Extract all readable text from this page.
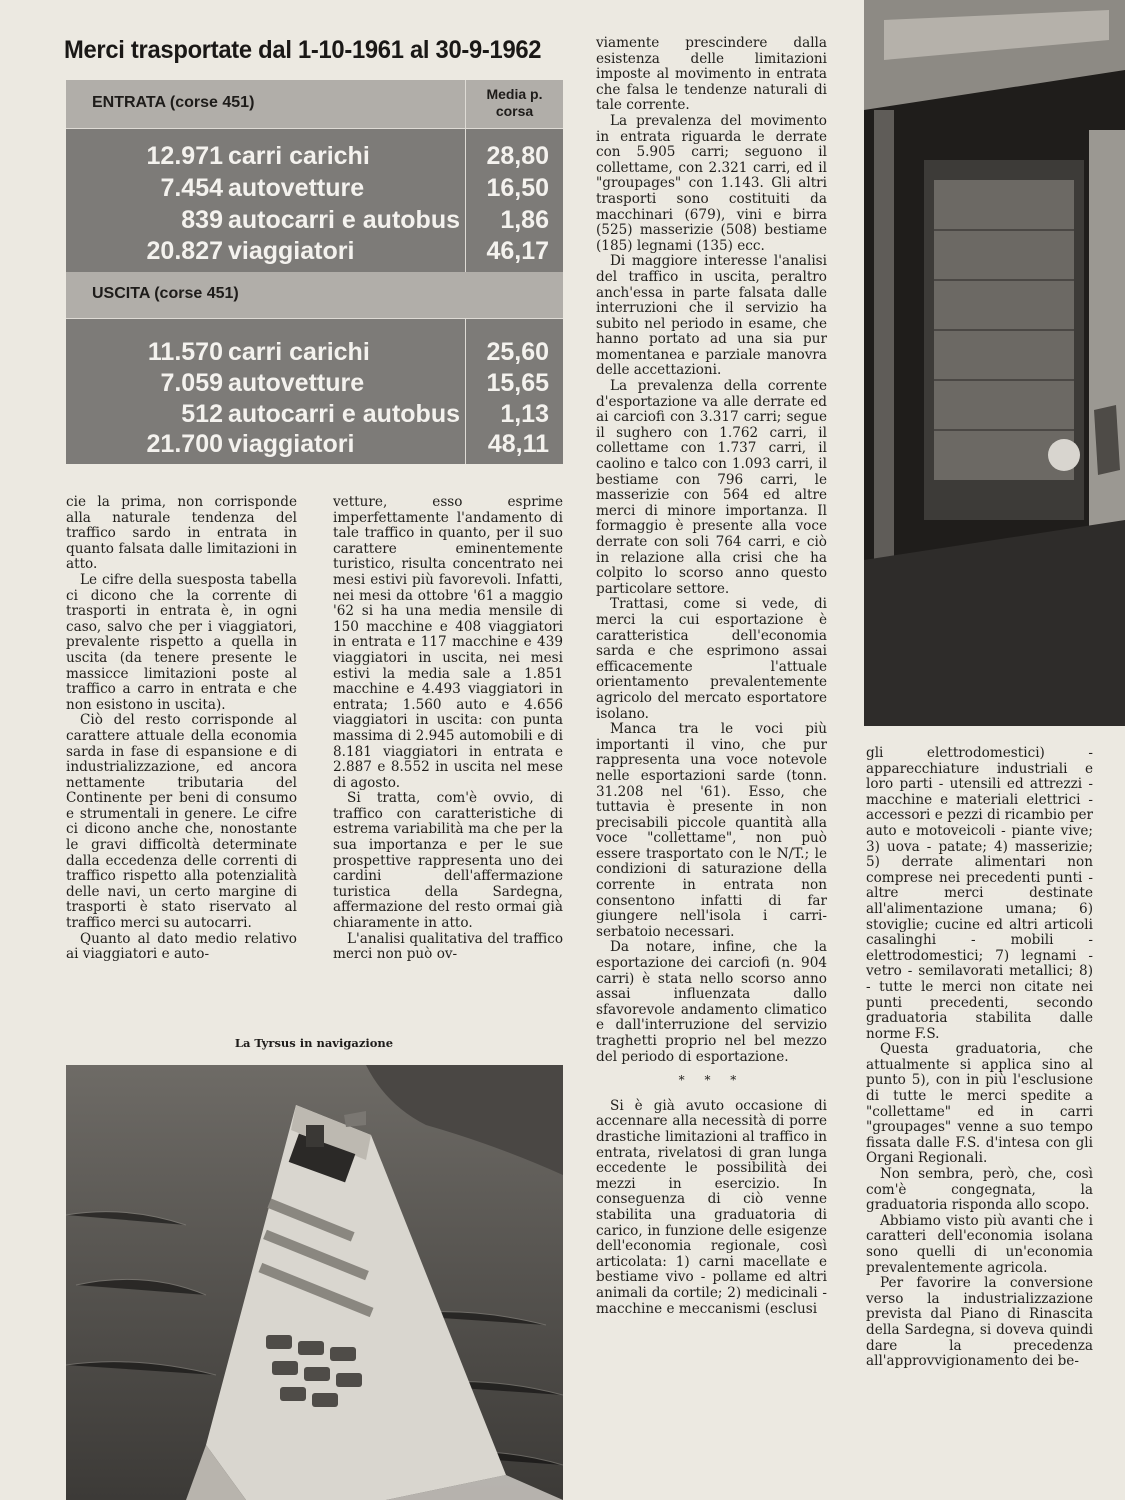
Merci trasportate dal 1-10-1961 al 30-9-1962
ENTRATA (corse 451)	Media p.
corsa
12.971 carri carichi	28,80
7.454 autovetture	16,50
839 autocarri e autobus 1,86
20.827 viaggiatori	46,17
USCITA (corse 451)
11.570 carri carichi	25,60
7.059 autovetture	15,65
512 autocarri e autobus 1,13
21.700 viaggiatori	48,11

cie la prima, non corrisponde alla naturale tendenza del traffico sardo in entrata in quanto falsata dalle limitazioni in atto.

Le cifre della suesposta tabella ci dicono che la corrente di trasporti in entrata è, in ogni caso, salvo che per i viaggiatori, prevalente rispetto a quella in uscita (da tenere presente le massicce limitazioni poste al traffico a carro in entrata e che non esistono in uscita).

Ciò del resto corrisponde al carattere attuale della economia sarda in fase di espansione e di industrializzazione, ed ancora nettamente tributaria del Continente per beni di consumo e strumentali in genere. Le cifre ci dicono anche che, nonostante le gravi difficoltà determinate dalla eccedenza delle correnti di traffico rispetto alla potenzialità delle navi, un certo margine di trasporti è stato riservato al traffico merci su autocarri.

Quanto al dato medio relativo ai viaggiatori e auto-

vetture, esso esprime imperfettamente l'andamento di tale traffico in quanto, per il suo carattere eminentemente turistico, risulta concentrato nei mesi estivi più favorevoli. Infatti, nei mesi da ottobre '61 a maggio '62 si ha una media mensile di 150 macchine e 408 viaggiatori in entrata e 117 macchine e 439 viaggiatori in uscita, nei mesi estivi la media sale a 1.851 macchine e 4.493 viaggiatori in entrata; 1.560 auto e 4.656 viaggiatori in uscita: con punta massima di 2.945 automobili e di 8.181 viaggiatori in entrata e 2.887 e 8.552 in uscita nel mese di agosto.

Si tratta, com'è ovvio, di traffico con caratteristiche di estrema variabilità ma che per la sua importanza e per le sue prospettive rappresenta uno dei cardini dell'affermazione turistica della Sardegna, affermazione del resto ormai già chiaramente in atto.

L'analisi qualitativa del traffico merci non può ov-

La Tyrsus in navigazione

viamente prescindere dalla esistenza delle limitazioni imposte al movimento in entrata che falsa le tendenze naturali di tale corrente.

La prevalenza del movimento in entrata riguarda le derrate con 5.905 carri; seguono il collettame, con 2.321 carri, ed il "groupages" con 1.143. Gli altri trasporti sono costituiti da macchinari (679), vini e birra (525) masserizie (508) bestiame (185) legnami (135) ecc.

Di maggiore interesse l'analisi del traffico in uscita, peraltro anch'essa in parte falsata dalle interruzioni che il servizio ha subito nel periodo in esame, che hanno portato ad una sia pur momentanea e parziale manovra delle accettazioni.

La prevalenza della corrente d'esportazione va alle derrate ed ai carciofi con 3.317 carri; segue il sughero con 1.762 carri, il collettame con 1.737 carri, il caolino e talco con 1.093 carri, il bestiame con 796 carri, le masserizie con 564 ed altre merci di minore importanza. Il formaggio è presente alla voce derrate con soli 764 carri, e ciò in relazione alla crisi che ha colpito lo scorso anno questo particolare settore.

Trattasi, come si vede, di merci la cui esportazione è caratteristica dell'economia sarda e che esprimono assai efficacemente l'attuale orientamento prevalentemente agricolo del mercato esportatore isolano.

Manca tra le voci più importanti il vino, che pur rappresenta una voce notevole nelle esportazioni sarde (tonn. 31.208 nel '61). Esso, che tuttavia è presente in non precisabili piccole quantità alla voce "collettame", non può essere trasportato con le N/T.; le condizioni di saturazione della corrente in entrata non consentono infatti di far giungere nell'isola i carri-serbatoio necessari.

Da notare, infine, che la esportazione dei carciofi (n. 904 carri) è stata nello scorso anno assai influenzata dallo sfavorevole andamento climatico e dall'interruzione del servizio traghetti proprio nel bel mezzo del periodo di esportazione.

* * *

Si è già avuto occasione di accennare alla necessità di porre drastiche limitazioni al traffico in entrata, rivelatosi di gran lunga eccedente le possibilità dei mezzi in esercizio. In conseguenza di ciò venne stabilita una graduatoria di carico, in funzione delle esigenze dell'economia regionale, così articolata: 1) carni macellate e bestiame vivo - pollame ed altri animali da cortile; 2) medicinali - macchine e meccanismi (esclusi

gli elettrodomestici) - apparecchiature industriali e loro parti - utensili ed attrezzi - macchine e materiali elettrici - accessori e pezzi di ricambio per auto e motoveicoli - piante vive; 3) uova - patate; 4) masserizie; 5) derrate alimentari non comprese nei precedenti punti - altre merci destinate all'alimentazione umana; 6) stoviglie; cucine ed altri articoli casalinghi - mobili - elettrodomestici; 7) legnami - vetro - semilavorati metallici; 8) - tutte le merci non citate nei punti precedenti, secondo graduatoria stabilita dalle norme F.S.

Questa graduatoria, che attualmente si applica sino al punto 5), con in più l'esclusione di tutte le merci spedite a "collettame" ed in carri "groupages" venne a suo tempo fissata dalle F.S. d'intesa con gli Organi Regionali.

Non sembra, però, che, così com'è congegnata, la graduatoria risponda allo scopo.

Abbiamo visto più avanti che i caratteri dell'economia isolana sono quelli di un'economia prevalentemente agricola.

Per favorire la conversione verso la industrializzazione prevista dal Piano di Rinascita della Sardegna, si doveva quindi dare la precedenza all'approvvigionamento dei be-
